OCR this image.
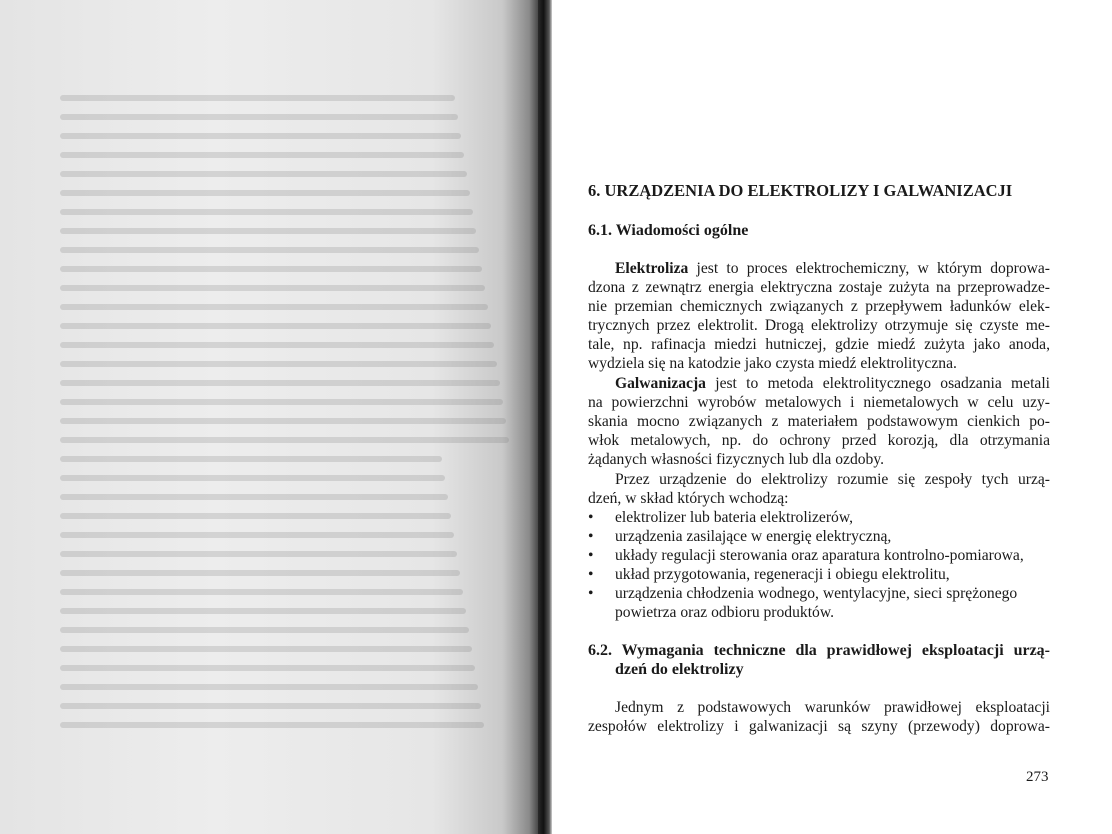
6. URZĄDZENIA DO ELEKTROLIZY I GALWANIZACJI
6.1. Wiadomości ogólne
Elektroliza jest to proces elektrochemiczny, w którym doprowa-
dzona z zewnątrz energia elektryczna zostaje zużyta na przeprowadze-
nie przemian chemicznych związanych z przepływem ładunków elek-
trycznych przez elektrolit. Drogą elektrolizy otrzymuje się czyste me-
tale, np. rafinacja miedzi hutniczej, gdzie miedź zużyta jako anoda,
wydziela się na katodzie jako czysta miedź elektrolityczna.
Galwanizacja jest to metoda elektrolitycznego osadzania metali
na powierzchni wyrobów metalowych i niemetalowych w celu uzy-
skania mocno związanych z materiałem podstawowym cienkich po-
włok metalowych, np. do ochrony przed korozją, dla otrzymania
żądanych własności fizycznych lub dla ozdoby.
Przez urządzenie do elektrolizy rozumie się zespoły tych urzą-
dzeń, w skład których wchodzą:
• elektrolizer lub bateria elektrolizerów,
• urządzenia zasilające w energię elektryczną,
• układy regulacji sterowania oraz aparatura kontrolno-pomiarowa,
• układ przygotowania, regeneracji i obiegu elektrolitu,
• urządzenia chłodzenia wodnego, wentylacyjne, sieci sprężonego
powietrza oraz odbioru produktów.
6.2. Wymagania techniczne dla prawidłowej eksploatacji urzą-
dzeń do elektrolizy
Jednym z podstawowych warunków prawidłowej eksploatacji
zespołów elektrolizy i galwanizacji są szyny (przewody) doprowa-
273
